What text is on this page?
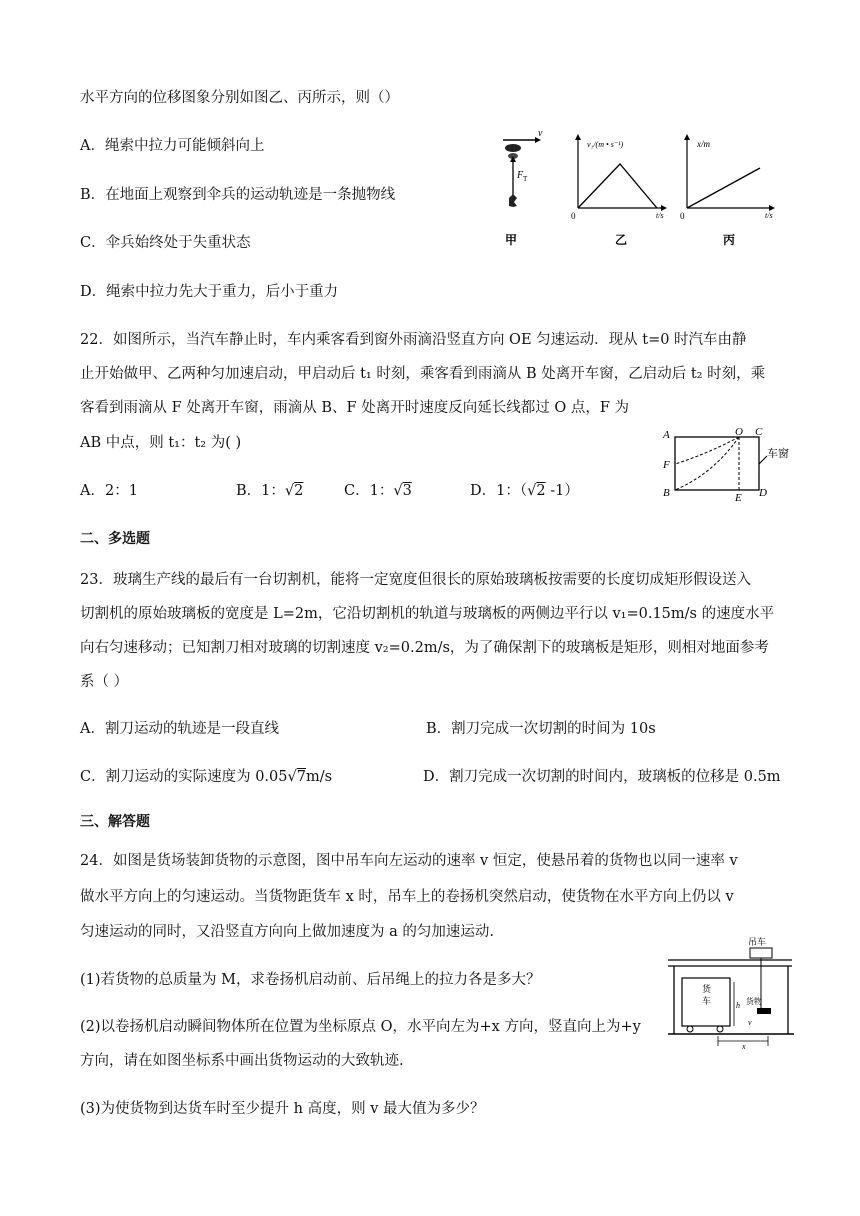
水平方向的位移图象分别如图乙、丙所示，则（）
A．绳索中拉力可能倾斜向上
B．在地面上观察到伞兵的运动轨迹是一条抛物线
C．伞兵始终处于失重状态
D．绳索中拉力先大于重力，后小于重力
v
F T
甲
v₁/(m • s⁻¹)
t/s
0
乙
x/m
t/s
0
丙
22．如图所示，当汽车静止时，车内乘客看到窗外雨滴沿竖直方向 OE 匀速运动．现从 t=0 时汽车由静
止开始做甲、乙两种匀加速启动，甲启动后 t₁ 时刻，乘客看到雨滴从 B 处离开车窗，乙启动后 t₂ 时刻，乘
客看到雨滴从 F 处离开车窗，雨滴从 B、F 处离开时速度反向延长线都过 O 点，F 为
AB 中点，则 t₁：t₂ 为( )
A．2：1	B．1：√2	C．1：√3	D．1：（√2 -1）
A	O C
F
B	E D
车窗
二、多选题
23．玻璃生产线的最后有一台切割机，能将一定宽度但很长的原始玻璃板按需要的长度切成矩形假设送入
切割机的原始玻璃板的宽度是 L=2m，它沿切割机的轨道与玻璃板的两侧边平行以 v₁=0.15m/s 的速度水平
向右匀速移动；已知割刀相对玻璃的切割速度 v₂=0.2m/s，为了确保割下的玻璃板是矩形，则相对地面参考
系（ ）
A．割刀运动的轨迹是一段直线	B．割刀完成一次切割的时间为 10s
C．割刀运动的实际速度为 0.05√7m/s	D．割刀完成一次切割的时间内，玻璃板的位移是 0.5m
三、解答题
24．如图是货场装卸货物的示意图，图中吊车向左运动的速率 v 恒定，使悬吊着的货物也以同一速率 v
做水平方向上的匀速运动。当货物距货车 x 时，吊车上的卷扬机突然启动，使货物在水平方向上仍以 v
匀速运动的同时，又沿竖直方向向上做加速度为 a 的匀加速运动.
(1)若货物的总质量为 M，求卷扬机启动前、后吊绳上的拉力各是多大？
(2)以卷扬机启动瞬间物体所在位置为坐标原点 O，水平向左为+x 方向，竖直向上为+y
方向，请在如图坐标系中画出货物运动的大致轨迹.
(3)为使货物到达货车时至少提升 h 高度，则 v 最大值为多少？
吊车
货
车	h 货物
v
x
